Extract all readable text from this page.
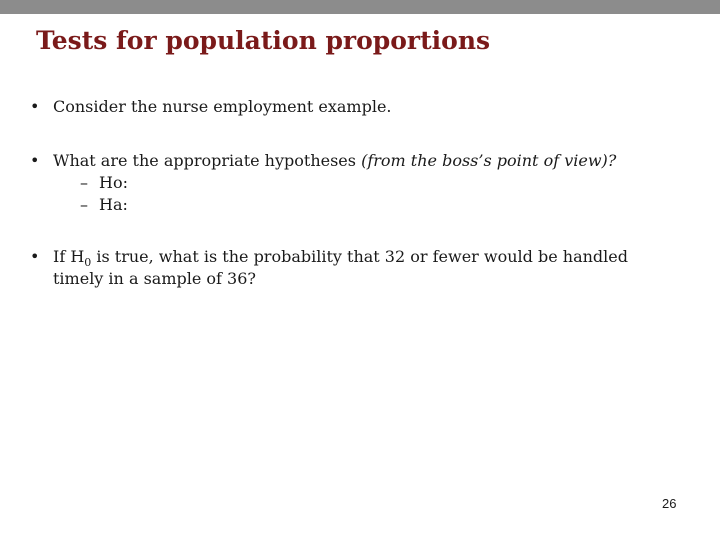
Tests for population proportions
• Consider the nurse employment example.
• What are the appropriate hypotheses (from the boss’s point of view)?
– Ho:
– Ha:
• If $H_0$ is true, what is the probability that 32 or fewer would be handled timely in a sample of 36?
26
